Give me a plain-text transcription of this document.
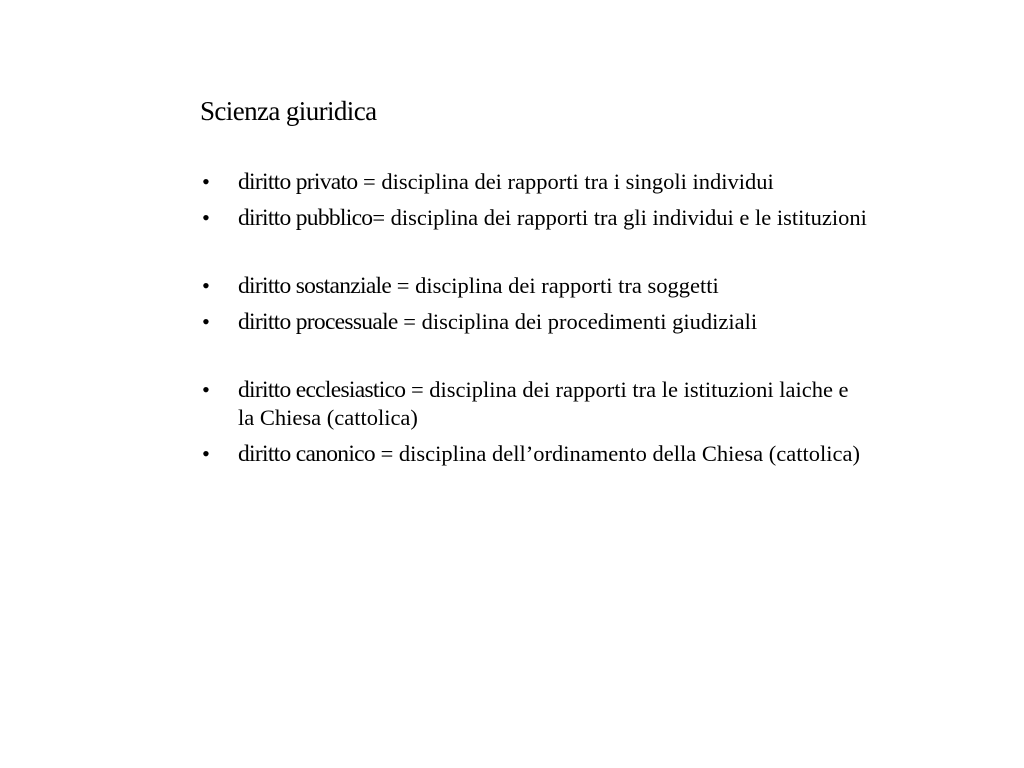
Scienza giuridica
• diritto privato = disciplina dei rapporti tra i singoli individui
• diritto pubblico= disciplina dei rapporti tra gli individui e le istituzioni
• diritto sostanziale = disciplina dei rapporti tra soggetti
• diritto processuale = disciplina dei procedimenti giudiziali
• diritto ecclesiastico = disciplina dei rapporti tra le istituzioni laiche e la Chiesa (cattolica)
• diritto canonico = disciplina dell’ordinamento della Chiesa (cattolica)
